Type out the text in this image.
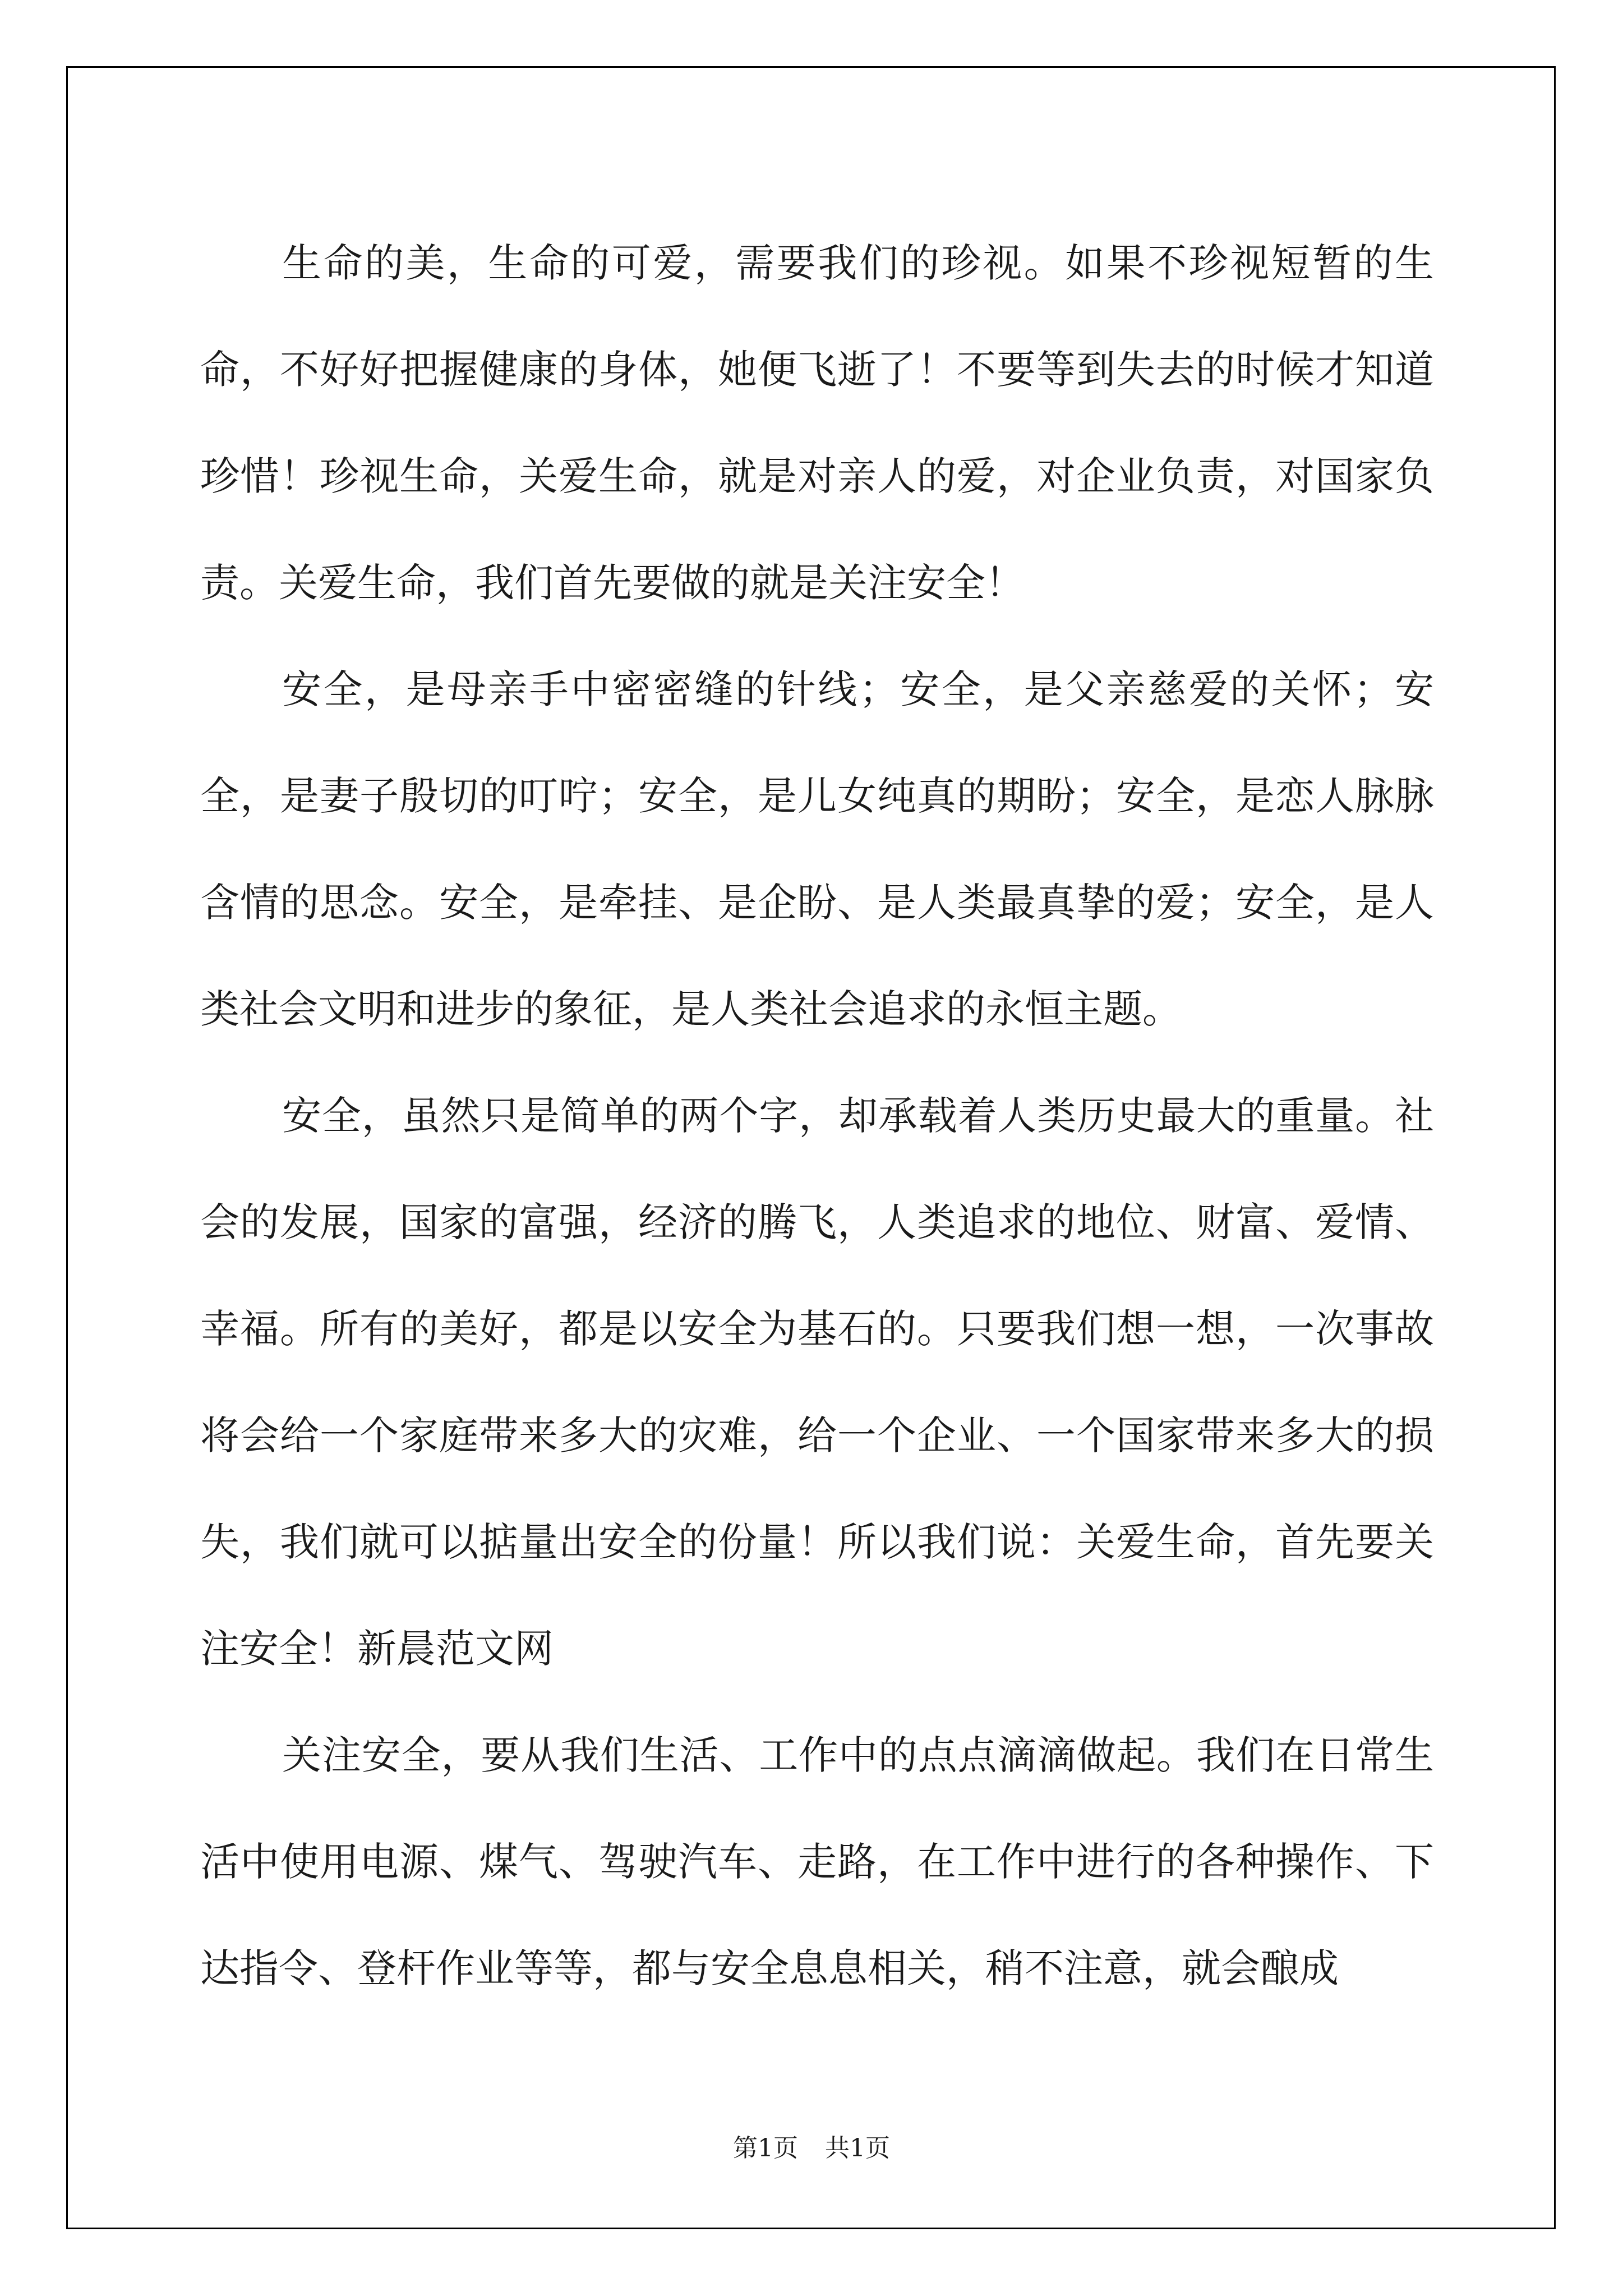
生命的美，生命的可爱，需要我们的珍视。如果不珍视短暂的生命，不好好把握健康的身体，她便飞逝了！不要等到失去的时候才知道珍惜！珍视生命，关爱生命，就是对亲人的爱，对企业负责，对国家负责。关爱生命，我们首先要做的就是关注安全！

安全，是母亲手中密密缝的针线；安全，是父亲慈爱的关怀；安全，是妻子殷切的叮咛；安全，是儿女纯真的期盼；安全，是恋人脉脉含情的思念。安全，是牵挂、是企盼、是人类最真挚的爱；安全，是人类社会文明和进步的象征，是人类社会追求的永恒主题。

安全，虽然只是简单的两个字，却承载着人类历史最大的重量。社会的发展，国家的富强，经济的腾飞，人类追求的地位、财富、爱情、幸福。所有的美好，都是以安全为基石的。只要我们想一想，一次事故将会给一个家庭带来多大的灾难，给一个企业、一个国家带来多大的损失，我们就可以掂量出安全的份量！所以我们说：关爱生命，首先要关注安全！新晨范文网

关注安全，要从我们生活、工作中的点点滴滴做起。我们在日常生活中使用电源、煤气、驾驶汽车、走路，在工作中进行的各种操作、下达指令、登杆作业等等，都与安全息息相关，稍不注意，就会酿成

第1页 共1页
